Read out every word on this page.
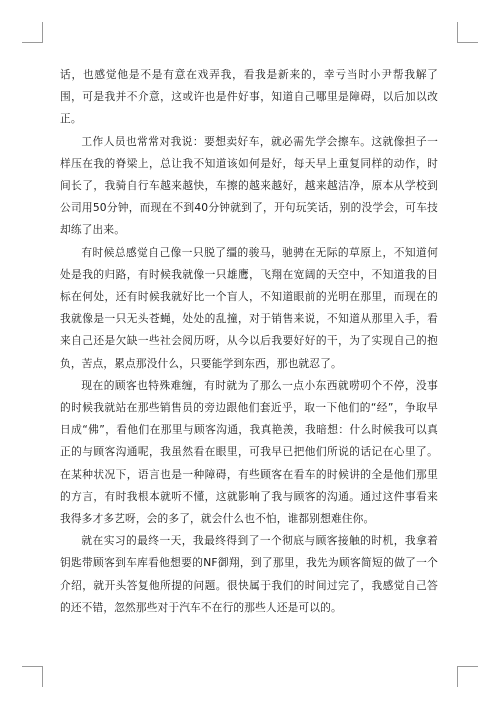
话，也感觉他是不是有意在戏弄我，看我是新来的，幸亏当时小尹帮我解了围，可是我并不介意，这或许也是件好事，知道自己哪里是障碍，以后加以改正。

工作人员也常常对我说：要想卖好车，就必需先学会擦车。这就像担子一样压在我的脊梁上，总让我不知道该如何是好，每天早上重复同样的动作，时间长了，我骑自行车越来越快，车擦的越来越好，越来越洁净，原本从学校到公司用50分钟，而现在不到40分钟就到了，开句玩笑话，别的没学会，可车技却练了出来。

有时候总感觉自己像一只脱了缰的骏马，驰骋在无际的草原上，不知道何处是我的归路，有时候我就像一只雄鹰，飞翔在宽阔的天空中，不知道我的目标在何处，还有时候我就好比一个盲人，不知道眼前的光明在那里，而现在的我就像是一只无头苍蝇，处处的乱撞，对于销售来说，不知道从那里入手，看来自己还是欠缺一些社会阅历呀，从今以后我要好好的干，为了实现自己的抱负，苦点，累点那没什么，只要能学到东西，那也就忍了。

现在的顾客也特殊难缠，有时就为了那么一点小东西就唠叨个不停，没事的时候我就站在那些销售员的旁边跟他们套近乎，取一下他们的“经”，争取早日成“佛”，看他们在那里与顾客沟通，我真艳羡，我暗想：什么时候我可以真正的与顾客沟通呢，我虽然看在眼里，可我早已把他们所说的话记在心里了。在某种状况下，语言也是一种障碍，有些顾客在看车的时候讲的全是他们那里的方言，有时我根本就听不懂，这就影响了我与顾客的沟通。通过这件事看来我得多才多艺呀，会的多了，就会什么也不怕，谁都别想难住你。

就在实习的最终一天，我最终得到了一个彻底与顾客接触的时机，我拿着钥匙带顾客到车库看他想要的NF御翔，到了那里，我先为顾客简短的做了一个介绍，就开头答复他所提的问题。很快属于我们的时间过完了，我感觉自己答的还不错，忽然那些对于汽车不在行的那些人还是可以的。
